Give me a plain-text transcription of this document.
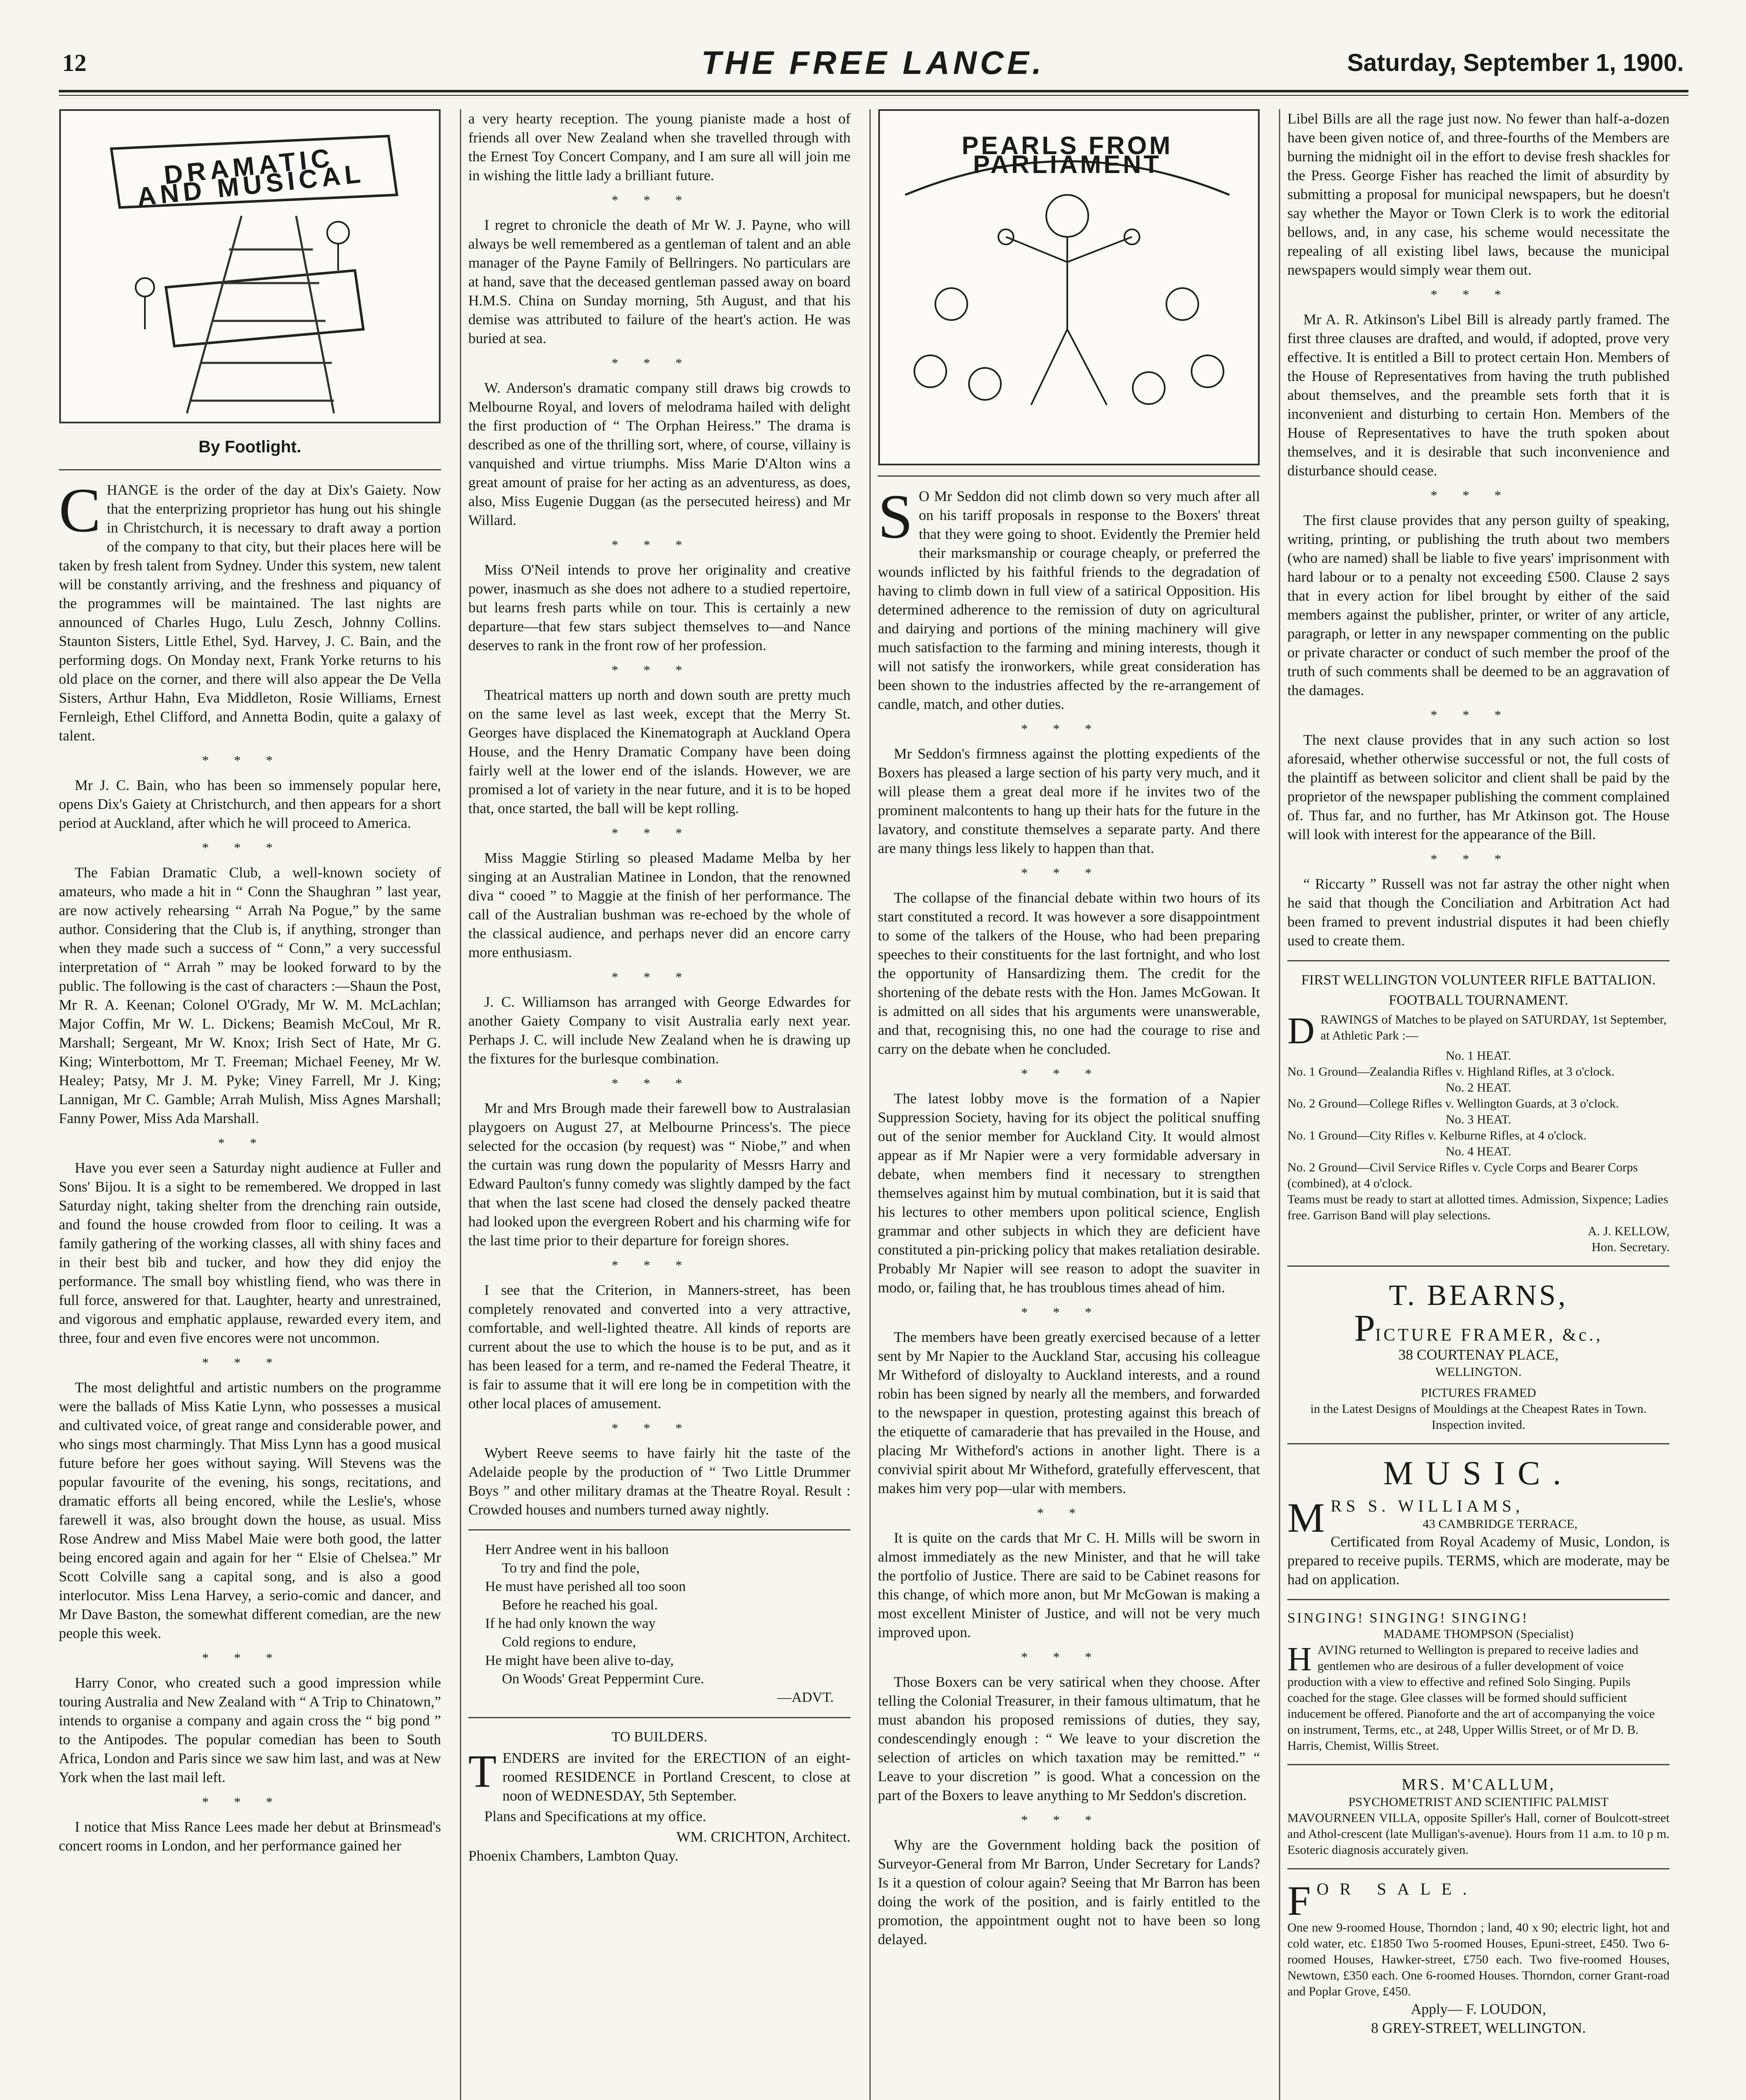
12	THE FREE LANCE.	Saturday, September 1, 1900.
DRAMATIC AND MUSICAL
By Footlight.

CHANGE is the order of the day at Dix's Gaiety. Now that the enterprizing proprietor has hung out his shingle in Christchurch, it is necessary to draft away a portion of the company to that city, but their places here will be taken by fresh talent from Sydney. Under this system, new talent will be constantly arriving, and the freshness and piquancy of the programmes will be maintained. The last nights are announced of Charles Hugo, Lulu Zesch, Johnny Collins. Staunton Sisters, Little Ethel, Syd. Harvey, J. C. Bain, and the performing dogs. On Monday next, Frank Yorke returns to his old place on the corner, and there will also appear the De Vella Sisters, Arthur Hahn, Eva Middleton, Rosie Williams, Ernest Fernleigh, Ethel Clifford, and Annetta Bodin, quite a galaxy of talent.

***

Mr J. C. Bain, who has been so immensely popular here, opens Dix's Gaiety at Christchurch, and then appears for a short period at Auckland, after which he will proceed to America.

***

The Fabian Dramatic Club, a well-known society of amateurs, who made a hit in “ Conn the Shaughran ” last year, are now actively rehearsing “ Arrah Na Pogue,” by the same author. Considering that the Club is, if anything, stronger than when they made such a success of “ Conn,” a very successful interpretation of “ Arrah ” may be looked forward to by the public. The following is the cast of characters :—Shaun the Post, Mr R. A. Keenan; Colonel O'Grady, Mr W. M. McLachlan; Major Coffin, Mr W. L. Dickens; Beamish McCoul, Mr R. Marshall; Sergeant, Mr W. Knox; Irish Sect of Hate, Mr G. King; Winterbottom, Mr T. Freeman; Michael Feeney, Mr W. Healey; Patsy, Mr J. M. Pyke; Viney Farrell, Mr J. King; Lannigan, Mr C. Gamble; Arrah Mulish, Miss Agnes Marshall; Fanny Power, Miss Ada Marshall.

**

Have you ever seen a Saturday night audience at Fuller and Sons' Bijou. It is a sight to be remembered. We dropped in last Saturday night, taking shelter from the drenching rain outside, and found the house crowded from floor to ceiling. It was a family gathering of the working classes, all with shiny faces and in their best bib and tucker, and how they did enjoy the performance. The small boy whistling fiend, who was there in full force, answered for that. Laughter, hearty and unrestrained, and vigorous and emphatic applause, rewarded every item, and three, four and even five encores were not uncommon.

***

The most delightful and artistic numbers on the programme were the ballads of Miss Katie Lynn, who possesses a musical and cultivated voice, of great range and considerable power, and who sings most charmingly. That Miss Lynn has a good musical future before her goes without saying. Will Stevens was the popular favourite of the evening, his songs, recitations, and dramatic efforts all being encored, while the Leslie's, whose farewell it was, also brought down the house, as usual. Miss Rose Andrew and Miss Mabel Maie were both good, the latter being encored again and again for her “ Elsie of Chelsea.” Mr Scott Colville sang a capital song, and is also a good interlocutor. Miss Lena Harvey, a serio-comic and dancer, and Mr Dave Baston, the somewhat different comedian, are the new people this week.

***

Harry Conor, who created such a good impression while touring Australia and New Zealand with “ A Trip to Chinatown,” intends to organise a company and again cross the “ big pond ” to the Antipodes. The popular comedian has been to South Africa, London and Paris since we saw him last, and was at New York when the last mail left.

***

I notice that Miss Rance Lees made her debut at Brinsmead's concert rooms in London, and her performance gained her

a very hearty reception. The young pianiste made a host of friends all over New Zealand when she travelled through with the Ernest Toy Concert Company, and I am sure all will join me in wishing the little lady a brilliant future.

***

I regret to chronicle the death of Mr W. J. Payne, who will always be well remembered as a gentleman of talent and an able manager of the Payne Family of Bellringers. No particulars are at hand, save that the deceased gentleman passed away on board H.M.S. China on Sunday morning, 5th August, and that his demise was attributed to failure of the heart's action. He was buried at sea.

***

W. Anderson's dramatic company still draws big crowds to Melbourne Royal, and lovers of melodrama hailed with delight the first production of “ The Orphan Heiress.” The drama is described as one of the thrilling sort, where, of course, villainy is vanquished and virtue triumphs. Miss Marie D'Alton wins a great amount of praise for her acting as an adventuress, as does, also, Miss Eugenie Duggan (as the persecuted heiress) and Mr Willard.

***

Miss O'Neil intends to prove her originality and creative power, inasmuch as she does not adhere to a studied repertoire, but learns fresh parts while on tour. This is certainly a new departure—that few stars subject themselves to—and Nance deserves to rank in the front row of her profession.

***

Theatrical matters up north and down south are pretty much on the same level as last week, except that the Merry St. Georges have displaced the Kinematograph at Auckland Opera House, and the Henry Dramatic Company have been doing fairly well at the lower end of the islands. However, we are promised a lot of variety in the near future, and it is to be hoped that, once started, the ball will be kept rolling.

***

Miss Maggie Stirling so pleased Madame Melba by her singing at an Australian Matinee in London, that the renowned diva “ cooed ” to Maggie at the finish of her performance. The call of the Australian bushman was re-echoed by the whole of the classical audience, and perhaps never did an encore carry more enthusiasm.

***

J. C. Williamson has arranged with George Edwardes for another Gaiety Company to visit Australia early next year. Perhaps J. C. will include New Zealand when he is drawing up the fixtures for the burlesque combination.

***

Mr and Mrs Brough made their farewell bow to Australasian playgoers on August 27, at Melbourne Princess's. The piece selected for the occasion (by request) was “ Niobe,” and when the curtain was rung down the popularity of Messrs Harry and Edward Paulton's funny comedy was slightly damped by the fact that when the last scene had closed the densely packed theatre had looked upon the evergreen Robert and his charming wife for the last time prior to their departure for foreign shores.

***

I see that the Criterion, in Manners-street, has been completely renovated and converted into a very attractive, comfortable, and well-lighted theatre. All kinds of reports are current about the use to which the house is to be put, and as it has been leased for a term, and re-named the Federal Theatre, it is fair to assume that it will ere long be in competition with the other local places of amusement.

***

Wybert Reeve seems to have fairly hit the taste of the Adelaide people by the production of “ Two Little Drummer Boys ” and other military dramas at the Theatre Royal. Result : Crowded houses and numbers turned away nightly.

Herr Andree went in his balloon
To try and find the pole,
He must have perished all too soon
Before he reached his goal.
If he had only known the way
Cold regions to endure,
He might have been alive to-day,
On Woods' Great Peppermint Cure.
—ADVT.
TO BUILDERS.

TENDERS are invited for the ERECTION of an eight-roomed RESIDENCE in Portland Crescent, to close at noon of WEDNESDAY, 5th September.

Plans and Specifications at my office.

WM. CRICHTON, Architect.
Phoenix Chambers, Lambton Quay.
PEARLS FROM PARLIAMENT

S O Mr Seddon did not climb down so very much after all on his tariff proposals in response to the Boxers' threat that they were going to shoot. Evidently the Premier held their marksmanship or courage cheaply, or preferred the wounds inflicted by his faithful friends to the degradation of having to climb down in full view of a satirical Opposition. His determined adherence to the remission of duty on agricultural and dairying and portions of the mining machinery will give much satisfaction to the farming and mining interests, though it will not satisfy the ironworkers, while great consideration has been shown to the industries affected by the re-arrangement of candle, match, and other duties.

***

Mr Seddon's firmness against the plotting expedients of the Boxers has pleased a large section of his party very much, and it will please them a great deal more if he invites two of the prominent malcontents to hang up their hats for the future in the lavatory, and constitute themselves a separate party. And there are many things less likely to happen than that.

***

The collapse of the financial debate within two hours of its start constituted a record. It was however a sore disappointment to some of the talkers of the House, who had been preparing speeches to their constituents for the last fortnight, and who lost the opportunity of Hansardizing them. The credit for the shortening of the debate rests with the Hon. James McGowan. It is admitted on all sides that his arguments were unanswerable, and that, recognising this, no one had the courage to rise and carry on the debate when he concluded.

***

The latest lobby move is the formation of a Napier Suppression Society, having for its object the political snuffing out of the senior member for Auckland City. It would almost appear as if Mr Napier were a very formidable adversary in debate, when members find it necessary to strengthen themselves against him by mutual combination, but it is said that his lectures to other members upon political science, English grammar and other subjects in which they are deficient have constituted a pin-pricking policy that makes retaliation desirable. Probably Mr Napier will see reason to adopt the suaviter in modo, or, failing that, he has troublous times ahead of him.

***

The members have been greatly exercised because of a letter sent by Mr Napier to the Auckland Star, accusing his colleague Mr Witheford of disloyalty to Auckland interests, and a round robin has been signed by nearly all the members, and forwarded to the newspaper in question, protesting against this breach of the etiquette of camaraderie that has prevailed in the House, and placing Mr Witheford's actions in another light. There is a convivial spirit about Mr Witheford, gratefully effervescent, that makes him very pop—ular with members.

**

It is quite on the cards that Mr C. H. Mills will be sworn in almost immediately as the new Minister, and that he will take the portfolio of Justice. There are said to be Cabinet reasons for this change, of which more anon, but Mr McGowan is making a most excellent Minister of Justice, and will not be very much improved upon.

***

Those Boxers can be very satirical when they choose. After telling the Colonial Treasurer, in their famous ultimatum, that he must abandon his proposed remissions of duties, they say, condescendingly enough : “ We leave to your discretion the selection of articles on which taxation may be remitted.” “ Leave to your discretion ” is good. What a concession on the part of the Boxers to leave anything to Mr Seddon's discretion.

***

Why are the Government holding back the position of Surveyor-General from Mr Barron, Under Secretary for Lands? Is it a question of colour again? Seeing that Mr Barron has been doing the work of the position, and is fairly entitled to the promotion, the appointment ought not to have been so long delayed.

Libel Bills are all the rage just now. No fewer than half-a-dozen have been given notice of, and three-fourths of the Members are burning the midnight oil in the effort to devise fresh shackles for the Press. George Fisher has reached the limit of absurdity by submitting a proposal for municipal newspapers, but he doesn't say whether the Mayor or Town Clerk is to work the editorial bellows, and, in any case, his scheme would necessitate the repealing of all existing libel laws, because the municipal newspapers would simply wear them out.

***

Mr A. R. Atkinson's Libel Bill is already partly framed. The first three clauses are drafted, and would, if adopted, prove very effective. It is entitled a Bill to protect certain Hon. Members of the House of Representatives from having the truth published about themselves, and the preamble sets forth that it is inconvenient and disturbing to certain Hon. Members of the House of Representatives to have the truth spoken about themselves, and it is desirable that such inconvenience and disturbance should cease.

***

The first clause provides that any person guilty of speaking, writing, printing, or publishing the truth about two members (who are named) shall be liable to five years' imprisonment with hard labour or to a penalty not exceeding £500. Clause 2 says that in every action for libel brought by either of the said members against the publisher, printer, or writer of any article, paragraph, or letter in any newspaper commenting on the public or private character or conduct of such member the proof of the truth of such comments shall be deemed to be an aggravation of the damages.

***

The next clause provides that in any such action so lost aforesaid, whether otherwise successful or not, the full costs of the plaintiff as between solicitor and client shall be paid by the proprietor of the newspaper publishing the comment complained of. Thus far, and no further, has Mr Atkinson got. The House will look with interest for the appearance of the Bill.

***

“ Riccarty ” Russell was not far astray the other night when he said that though the Conciliation and Arbitration Act had been framed to prevent industrial disputes it had been chiefly used to create them.

FIRST WELLINGTON VOLUNTEER RIFLE BATTALION.
FOOTBALL TOURNAMENT.
DRAWINGS of Matches to be played on SATURDAY, 1st September, at Athletic Park :—
No. 1 HEAT.
No. 1 Ground—Zealandia Rifles v. Highland Rifles, at 3 o'clock.
No. 2 HEAT.
No. 2 Ground—College Rifles v. Wellington Guards, at 3 o'clock.
No. 3 HEAT.
No. 1 Ground—City Rifles v. Kelburne Rifles, at 4 o'clock.
No. 4 HEAT.
No. 2 Ground—Civil Service Rifles v. Cycle Corps and Bearer Corps (combined), at 4 o'clock.
Teams must be ready to start at allotted times. Admission, Sixpence; Ladies free. Garrison Band will play selections.
A. J. KELLOW,
Hon. Secretary.
T. BEARNS,
PICTURE FRAMER, &c.,
38 COURTENAY PLACE,
WELLINGTON.
PICTURES FRAMED
in the Latest Designs of Mouldings at the Cheapest Rates in Town. Inspection invited.
MUSIC.
MRS S. WILLIAMS,
43 CAMBRIDGE TERRACE,
Certificated from Royal Academy of Music, London, is prepared to receive pupils. TERMS, which are moderate, may be had on application.
SINGING! SINGING! SINGING!
MADAME THOMPSON (Specialist)
HAVING returned to Wellington is prepared to receive ladies and gentlemen who are desirous of a fuller development of voice production with a view to effective and refined Solo Singing. Pupils coached for the stage. Glee classes will be formed should sufficient inducement be offered. Pianoforte and the art of accompanying the voice on instrument, Terms, etc., at 248, Upper Willis Street, or of Mr D. B. Harris, Chemist, Willis Street.
MRS. M'CALLUM,
PSYCHOMETRIST AND SCIENTIFIC PALMIST
MAVOURNEEN VILLA, opposite Spiller's Hall, corner of Boulcott-street and Athol-crescent (late Mulligan's-avenue). Hours from 11 a.m. to 10 p m. Esoteric diagnosis accurately given.
FOR SALE.
One new 9-roomed House, Thorndon ; land, 40 x 90; electric light, hot and cold water, etc. £1850 Two 5-roomed Houses, Epuni-street, £450. Two 6-roomed Houses, Hawker-street, £750 each. Two five-roomed Houses, Newtown, £350 each. One 6-roomed Houses. Thorndon, corner Grant-road and Poplar Grove, £450.
Apply— F. LOUDON,
8 GREY-STREET, WELLINGTON.
